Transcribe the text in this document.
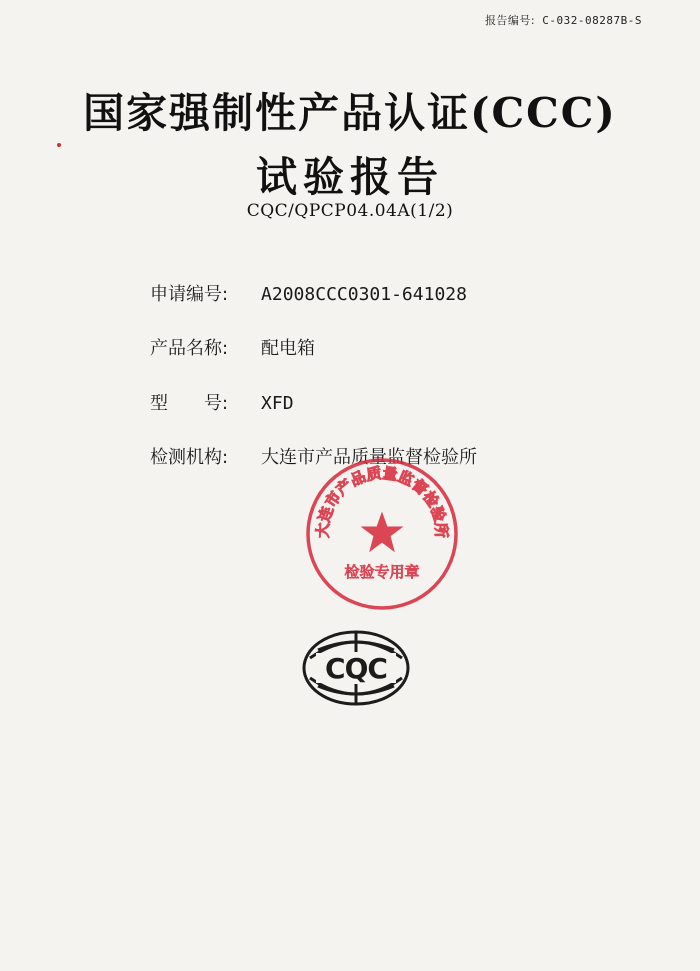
报告编号: C-032-08287B-S
国家强制性产品认证(CCC)
试验报告
CQC/QPCP04.04A(1/2)
申请编号: A2008CCC0301-641028
产品名称: 配电箱
型　　号: XFD
检测机构: 大连市产品质量监督检验所
大连市产品质量监督检验所
检验专用章
CQC
